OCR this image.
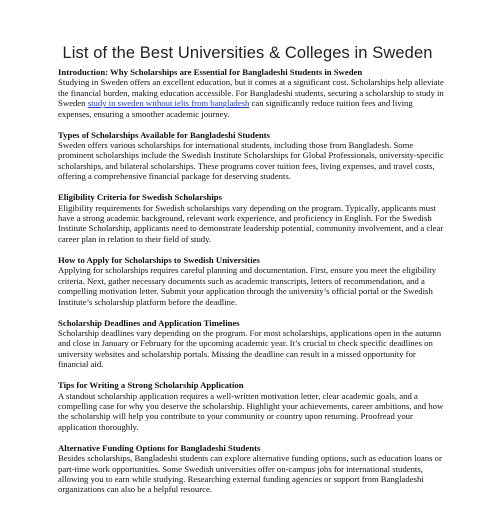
List of the Best Universities & Colleges in Sweden

Introduction: Why Scholarships are Essential for Bangladeshi Students in Sweden

Studying in Sweden offers an excellent education, but it comes at a significant cost. Scholarships help alleviate the financial burden, making education accessible. For Bangladeshi students, securing a scholarship to study in Sweden study in sweden without ielts from bangladesh can significantly reduce tuition fees and living expenses, ensuring a smoother academic journey.

Types of Scholarships Available for Bangladeshi Students

Sweden offers various scholarships for international students, including those from Bangladesh. Some prominent scholarships include the Swedish Institute Scholarships for Global Professionals, university-specific scholarships, and bilateral scholarships. These programs cover tuition fees, living expenses, and travel costs, offering a comprehensive financial package for deserving students.

Eligibility Criteria for Swedish Scholarships

Eligibility requirements for Swedish scholarships vary depending on the program. Typically, applicants must have a strong academic background, relevant work experience, and proficiency in English. For the Swedish Institute Scholarship, applicants need to demonstrate leadership potential, community involvement, and a clear career plan in relation to their field of study.

How to Apply for Scholarships to Swedish Universities

Applying for scholarships requires careful planning and documentation. First, ensure you meet the eligibility criteria. Next, gather necessary documents such as academic transcripts, letters of recommendation, and a compelling motivation letter. Submit your application through the university’s official portal or the Swedish Institute’s scholarship platform before the deadline.

Scholarship Deadlines and Application Timelines

Scholarship deadlines vary depending on the program. For most scholarships, applications open in the autumn and close in January or February for the upcoming academic year. It’s crucial to check specific deadlines on university websites and scholarship portals. Missing the deadline can result in a missed opportunity for financial aid.

Tips for Writing a Strong Scholarship Application

A standout scholarship application requires a well-written motivation letter, clear academic goals, and a compelling case for why you deserve the scholarship. Highlight your achievements, career ambitions, and how the scholarship will help you contribute to your community or country upon returning. Proofread your application thoroughly.

Alternative Funding Options for Bangladeshi Students

Besides scholarships, Bangladeshi students can explore alternative funding options, such as education loans or part-time work opportunities. Some Swedish universities offer on-campus jobs for international students, allowing you to earn while studying. Researching external funding agencies or support from Bangladeshi organizations can also be a helpful resource.
